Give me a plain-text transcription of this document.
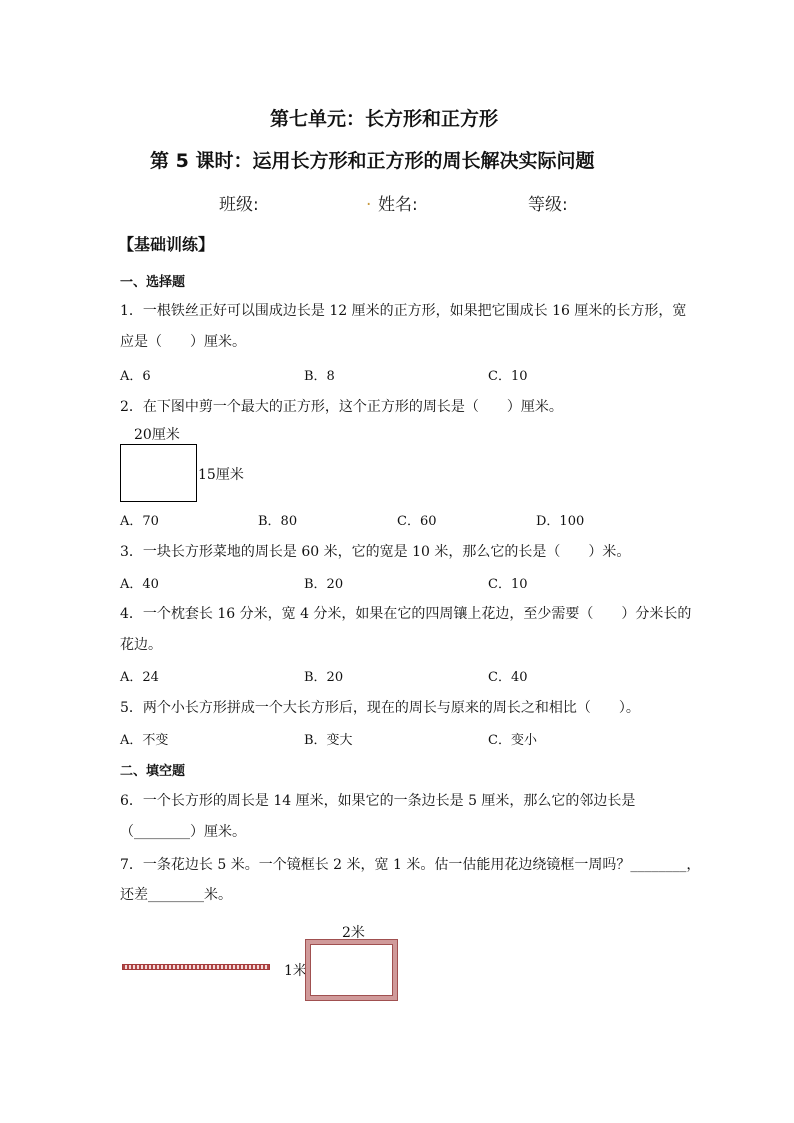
第七单元：长方形和正方形
第 5 课时：运用长方形和正方形的周长解决实际问题
班级:	. 姓名:	等级:
【基础训练】
一、选择题
1．一根铁丝正好可以围成边长是 12 厘米的正方形，如果把它围成长 16 厘米的长方形，宽
应是（　　）厘米。
A．6	B．8	C．10
2．在下图中剪一个最大的正方形，这个正方形的周长是（　　）厘米。
20厘米
15厘米
A．70	B．80	C．60	D．100
3．一块长方形菜地的周长是 60 米，它的宽是 10 米，那么它的长是（　　）米。
A．40	B．20	C．10
4．一个枕套长 16 分米，宽 4 分米，如果在它的四周镶上花边，至少需要（　　）分米长的
花边。
A．24	B．20	C．40
5．两个小长方形拼成一个大长方形后，现在的周长与原来的周长之和相比（　　）。
A．不变	B．变大	C．变小
二、填空题
6．一个长方形的周长是 14 厘米，如果它的一条边长是 5 厘米，那么它的邻边长是
（________）厘米。
7．一条花边长 5 米。一个镜框长 2 米，宽 1 米。估一估能用花边绕镜框一周吗？________，
还差________米。
2米
1米
